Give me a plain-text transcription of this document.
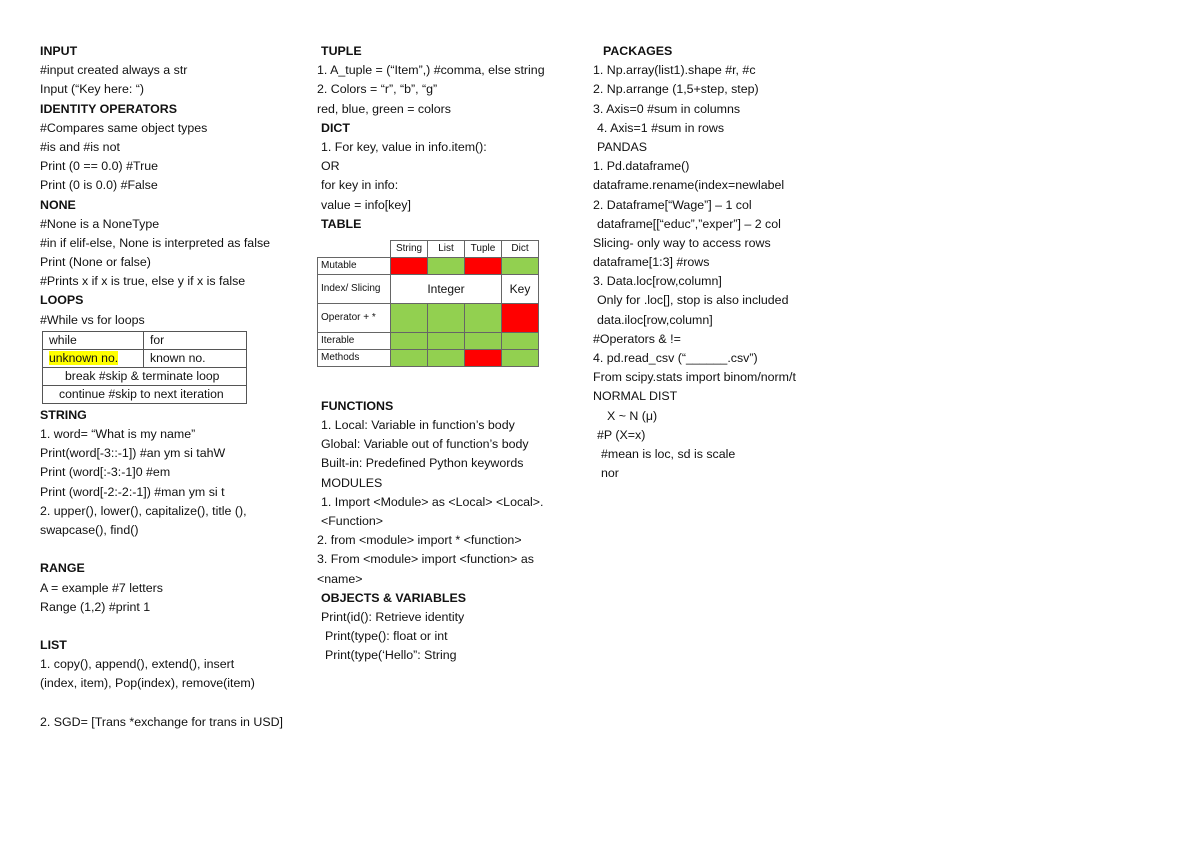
INPUT
#input created always a str
Input (“Key here: “)
IDENTITY OPERATORS
#Compares same object types
#is and #is not
Print (0 == 0.0) #True
Print (0 is 0.0) #False
NONE
#None is a NoneType
#in if elif-else, None is interpreted as false
Print (None or false)
#Prints x if x is true, else y if x is false
LOOPS
#While vs for loops
while	for
unknown no.	known no.
break #skip & terminate loop	
continue #skip to next iteration	
STRING
1. word= “What is my name”
Print(word[-3::-1]) #an ym si tahW
Print (word[:-3:-1]0 #em
Print (word[-2:-2:-1]) #man ym si t
2. upper(), lower(), capitalize(), title (),
swapcase(), find()
RANGE
A = example #7 letters
Range (1,2) #print 1
LIST
1. copy(), append(), extend(), insert
(index, item), Pop(index), remove(item)
2. SGD= [Trans *exchange for trans in USD]
TUPLE
1. A_tuple = (“Item”,) #comma, else string
2. Colors = “r”, “b”, “g”
red, blue, green = colors
DICT
1. For key, value in info.item():
OR
for key in info:
value = info[key]
TABLE
	String	List	Tuple	Dict
Mutable				
Index/ Slicing	Integer			Key
Operator + *				
Iterable				
Methods				
FUNCTIONS
1. Local: Variable in function’s body
Global: Variable out of function’s body
Built-in: Predefined Python keywords
MODULES
1. Import <Module> as <Local> <Local>.
<Function>
2. from <module> import * <function>
3. From <module> import <function> as
<name>
OBJECTS & VARIABLES
Print(id(): Retrieve identity
Print(type(): float or int
Print(type(‘Hello”: String
PACKAGES
1. Np.array(list1).shape #r, #c
2. Np.arrange (1,5+step, step)
3. Axis=0 #sum in columns
4. Axis=1 #sum in rows
PANDAS
1. Pd.dataframe()
dataframe.rename(index=newlabel
2. Dataframe[“Wage”] – 1 col
dataframe[[“educ”,”exper”] – 2 col
Slicing- only way to access rows
dataframe[1:3] #rows
3. Data.loc[row,column]
Only for .loc[], stop is also included
data.iloc[row,column]
#Operators & !=
4. pd.read_csv (“______.csv”)
From scipy.stats import binom/norm/t
NORMAL DIST
X ~ N (μ)
#P (X=x)
#mean is loc, sd is scale
nor
